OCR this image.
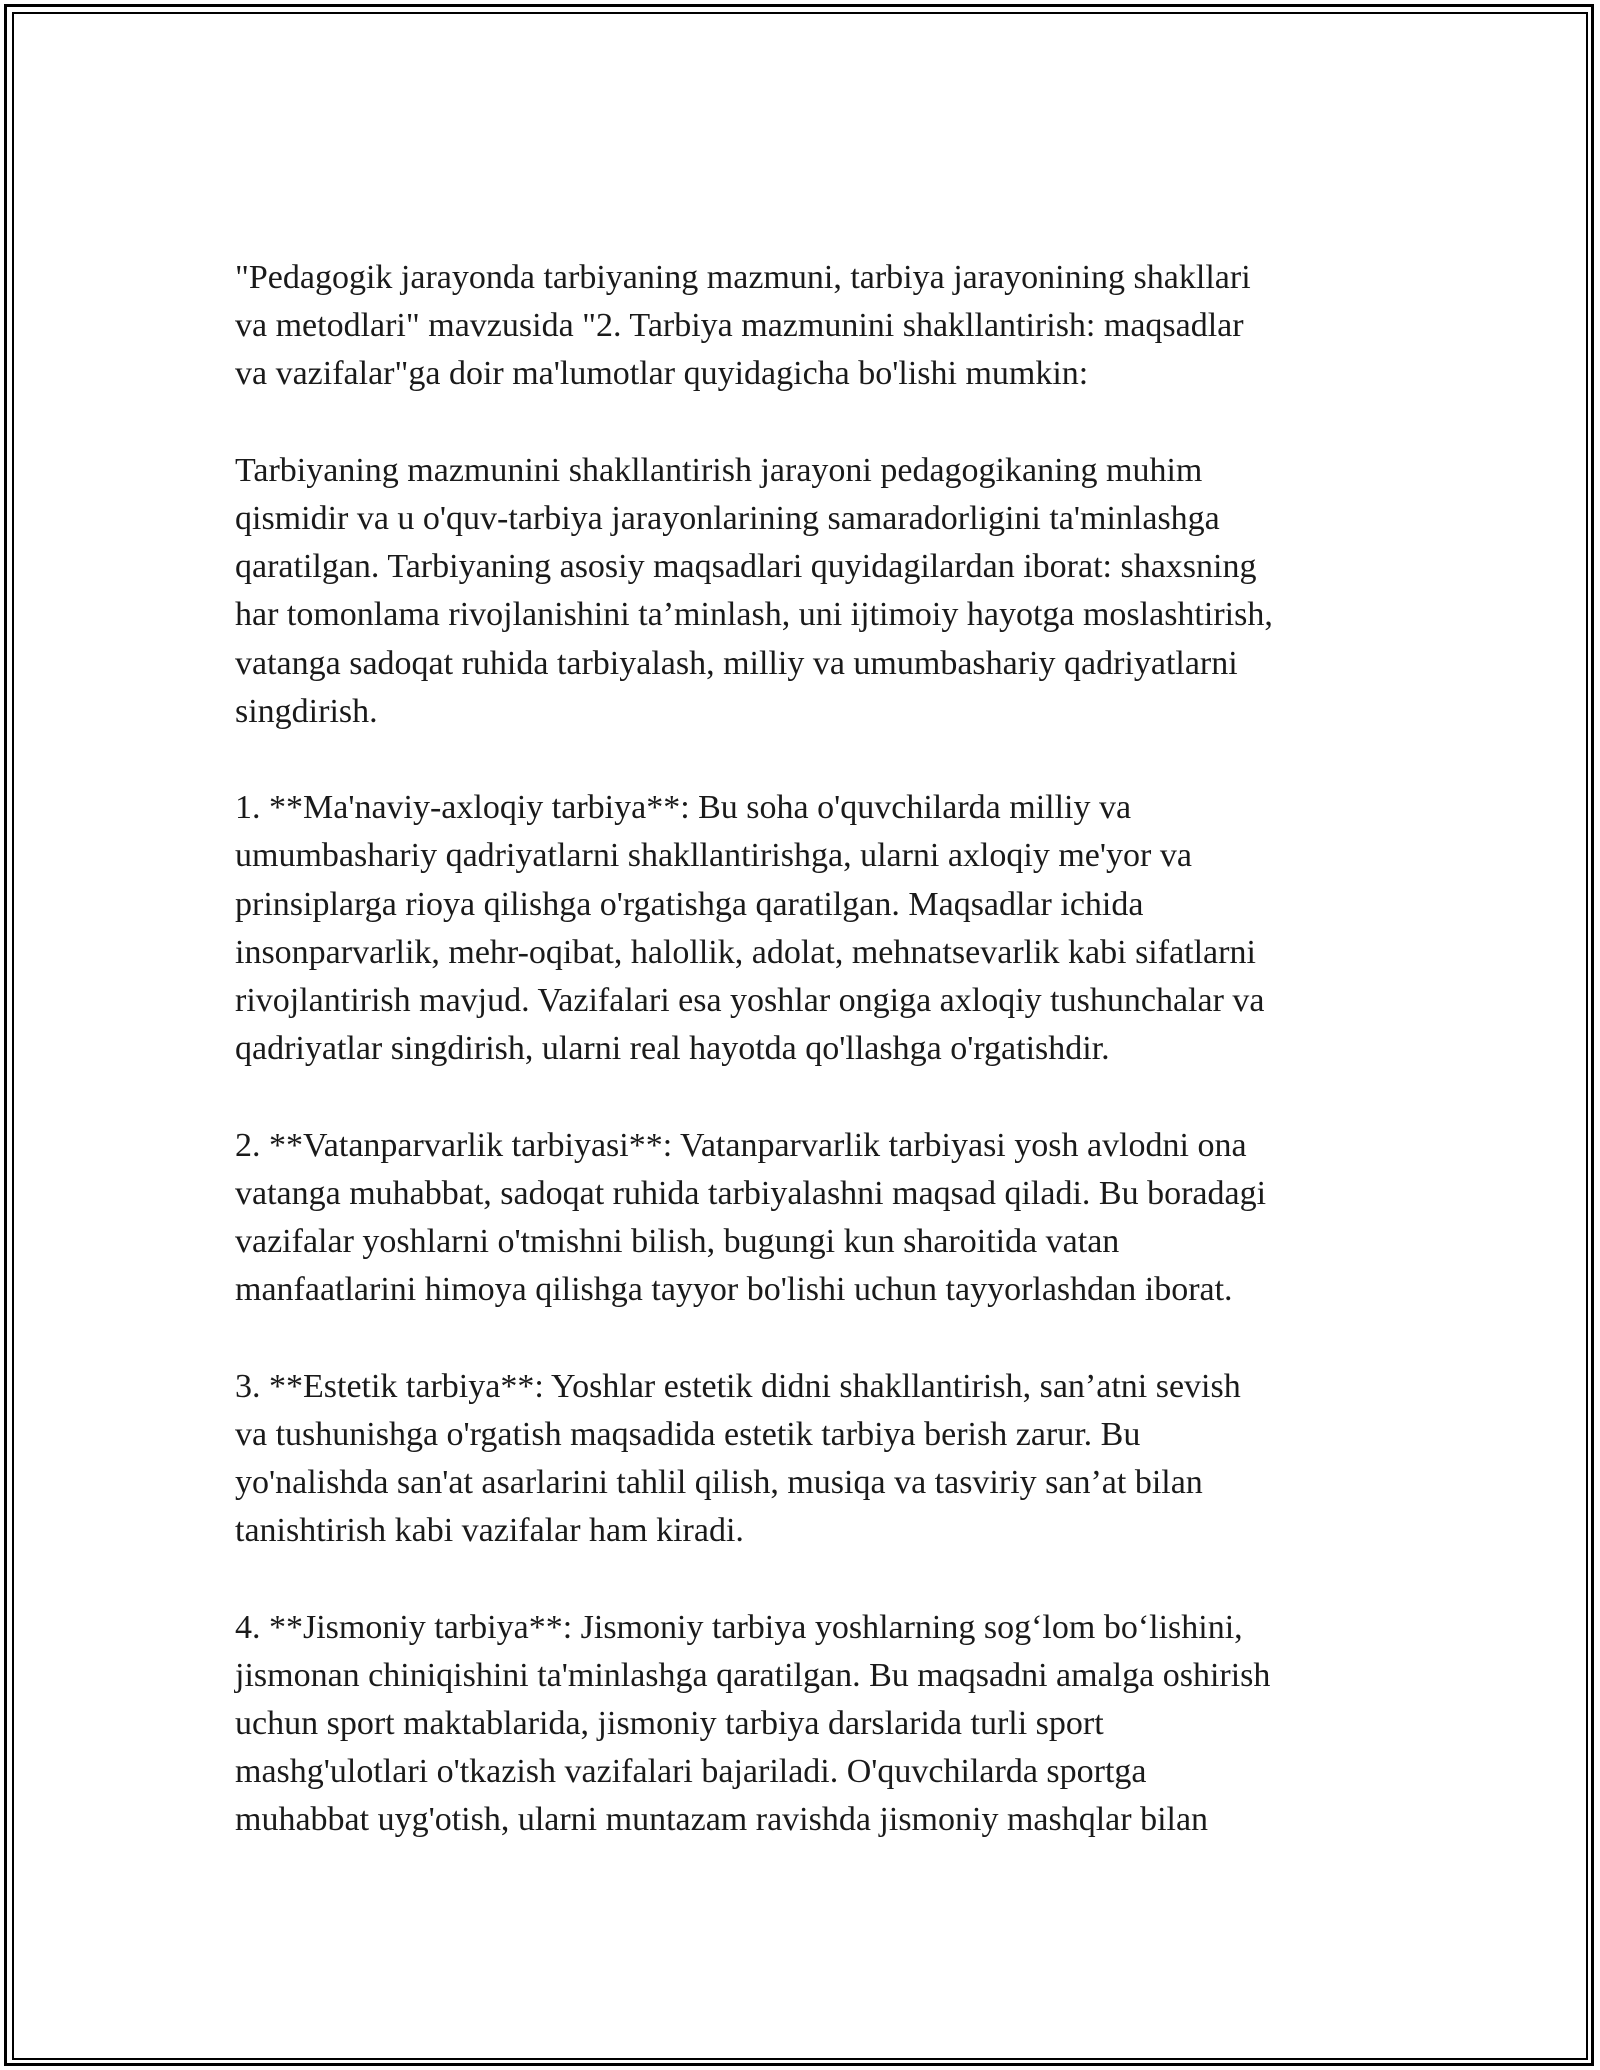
"Pedagogik jarayonda tarbiyaning mazmuni, tarbiya jarayonining shakllari
va metodlari" mavzusida "2. Tarbiya mazmunini shakllantirish: maqsadlar
va vazifalar"ga doir ma'lumotlar quyidagicha bo'lishi mumkin:

Tarbiyaning mazmunini shakllantirish jarayoni pedagogikaning muhim
qismidir va u o'quv-tarbiya jarayonlarining samaradorligini ta'minlashga
qaratilgan. Tarbiyaning asosiy maqsadlari quyidagilardan iborat: shaxsning
har tomonlama rivojlanishini ta’minlash, uni ijtimoiy hayotga moslashtirish,
vatanga sadoqat ruhida tarbiyalash, milliy va umumbashariy qadriyatlarni
singdirish.

1. **Ma'naviy-axloqiy tarbiya**: Bu soha o'quvchilarda milliy va
umumbashariy qadriyatlarni shakllantirishga, ularni axloqiy me'yor va
prinsiplarga rioya qilishga o'rgatishga qaratilgan. Maqsadlar ichida
insonparvarlik, mehr-oqibat, halollik, adolat, mehnatsevarlik kabi sifatlarni
rivojlantirish mavjud. Vazifalari esa yoshlar ongiga axloqiy tushunchalar va
qadriyatlar singdirish, ularni real hayotda qo'llashga o'rgatishdir.

2. **Vatanparvarlik tarbiyasi**: Vatanparvarlik tarbiyasi yosh avlodni ona
vatanga muhabbat, sadoqat ruhida tarbiyalashni maqsad qiladi. Bu boradagi
vazifalar yoshlarni o'tmishni bilish, bugungi kun sharoitida vatan
manfaatlarini himoya qilishga tayyor bo'lishi uchun tayyorlashdan iborat.

3. **Estetik tarbiya**: Yoshlar estetik didni shakllantirish, san’atni sevish
va tushunishga o'rgatish maqsadida estetik tarbiya berish zarur. Bu
yo'nalishda san'at asarlarini tahlil qilish, musiqa va tasviriy san’at bilan
tanishtirish kabi vazifalar ham kiradi.

4. **Jismoniy tarbiya**: Jismoniy tarbiya yoshlarning sog‘lom bo‘lishini,
jismonan chiniqishini ta'minlashga qaratilgan. Bu maqsadni amalga oshirish
uchun sport maktablarida, jismoniy tarbiya darslarida turli sport
mashg'ulotlari o'tkazish vazifalari bajariladi. O'quvchilarda sportga
muhabbat uyg'otish, ularni muntazam ravishda jismoniy mashqlar bilan
